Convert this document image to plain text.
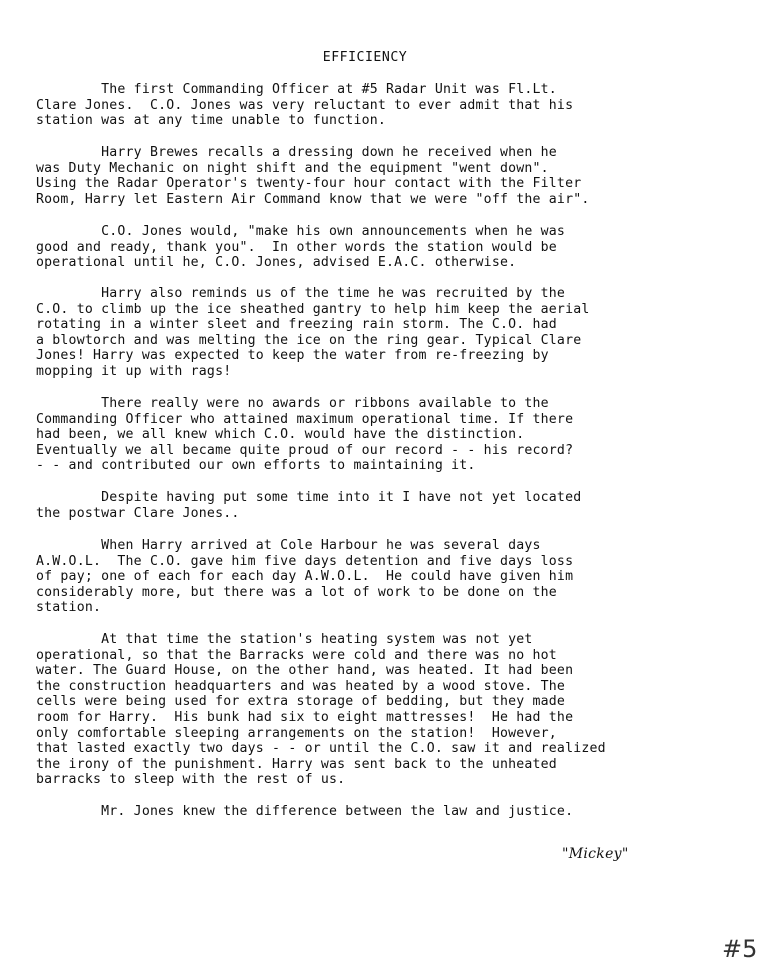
EFFICIENCY

The first Commanding Officer at #5 Radar Unit was Fl.Lt.
Clare Jones.  C.O. Jones was very reluctant to ever admit that his
station was at any time unable to function.

Harry Brewes recalls a dressing down he received when he
was Duty Mechanic on night shift and the equipment "went down".
Using the Radar Operator's twenty-four hour contact with the Filter
Room, Harry let Eastern Air Command know that we were "off the air".

C.O. Jones would, "make his own announcements when he was
good and ready, thank you".  In other words the station would be
operational until he, C.O. Jones, advised E.A.C. otherwise.

Harry also reminds us of the time he was recruited by the
C.O. to climb up the ice sheathed gantry to help him keep the aerial
rotating in a winter sleet and freezing rain storm. The C.O. had
a blowtorch and was melting the ice on the ring gear. Typical Clare
Jones! Harry was expected to keep the water from re-freezing by
mopping it up with rags!

There really were no awards or ribbons available to the
Commanding Officer who attained maximum operational time. If there
had been, we all knew which C.O. would have the distinction.
Eventually we all became quite proud of our record - - his record?
- - and contributed our own efforts to maintaining it.

Despite having put some time into it I have not yet located
the postwar Clare Jones..

When Harry arrived at Cole Harbour he was several days
A.W.O.L.  The C.O. gave him five days detention and five days loss
of pay; one of each for each day A.W.O.L.  He could have given him
considerably more, but there was a lot of work to be done on the
station.

At that time the station's heating system was not yet
operational, so that the Barracks were cold and there was no hot
water. The Guard House, on the other hand, was heated. It had been
the construction headquarters and was heated by a wood stove. The
cells were being used for extra storage of bedding, but they made
room for Harry.  His bunk had six to eight mattresses!  He had the
only comfortable sleeping arrangements on the station!  However,
that lasted exactly two days - - or until the C.O. saw it and realized
the irony of the punishment. Harry was sent back to the unheated
barracks to sleep with the rest of us.

Mr. Jones knew the difference between the law and justice.

"Mickey"
#5
